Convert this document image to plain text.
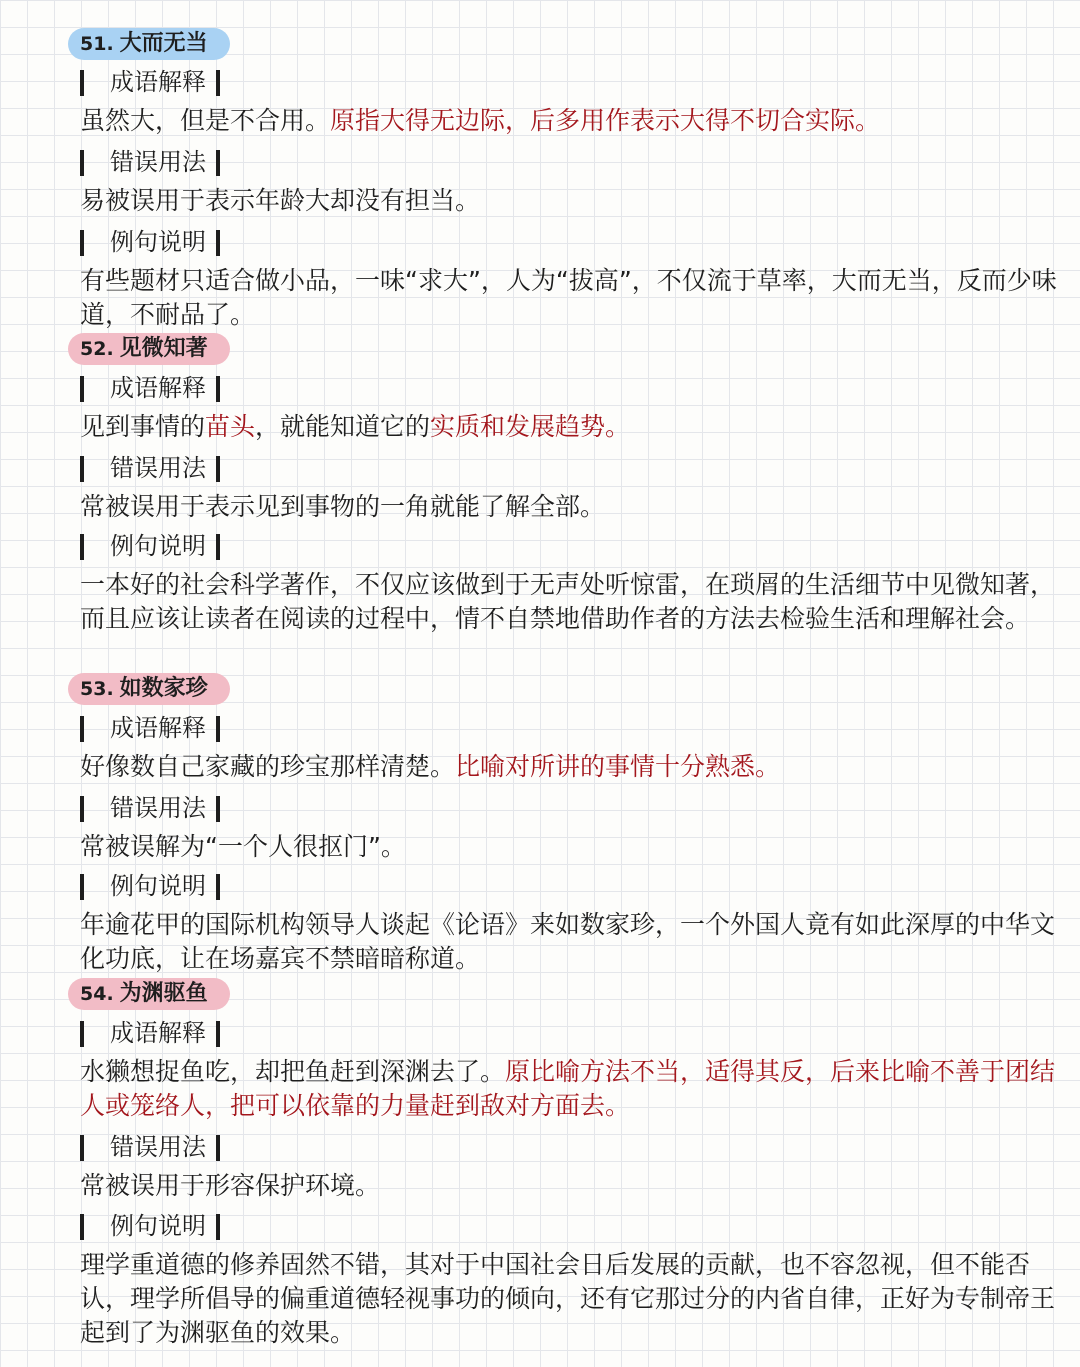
51. 大而无当
成语解释
虽然大，但是不合用。原指大得无边际，后多用作表示大得不切合实际。
错误用法
易被误用于表示年龄大却没有担当。
例句说明
有些题材只适合做小品，一味“求大”，人为“拔高”，不仅流于草率，大而无当，反而少味道，不耐品了。
52. 见微知著
成语解释
见到事情的苗头，就能知道它的实质和发展趋势。
错误用法
常被误用于表示见到事物的一角就能了解全部。
例句说明
一本好的社会科学著作，不仅应该做到于无声处听惊雷，在琐屑的生活细节中见微知著，而且应该让读者在阅读的过程中，情不自禁地借助作者的方法去检验生活和理解社会。
53. 如数家珍
成语解释
好像数自己家藏的珍宝那样清楚。比喻对所讲的事情十分熟悉。
错误用法
常被误解为“一个人很抠门”。
例句说明
年逾花甲的国际机构领导人谈起《论语》来如数家珍，一个外国人竟有如此深厚的中华文化功底，让在场嘉宾不禁暗暗称道。
54. 为渊驱鱼
成语解释
水獭想捉鱼吃，却把鱼赶到深渊去了。原比喻方法不当，适得其反，后来比喻不善于团结人或笼络人，把可以依靠的力量赶到敌对方面去。
错误用法
常被误用于形容保护环境。
例句说明
理学重道德的修养固然不错，其对于中国社会日后发展的贡献，也不容忽视，但不能否认，理学所倡导的偏重道德轻视事功的倾向，还有它那过分的内省自律，正好为专制帝王起到了为渊驱鱼的效果。
